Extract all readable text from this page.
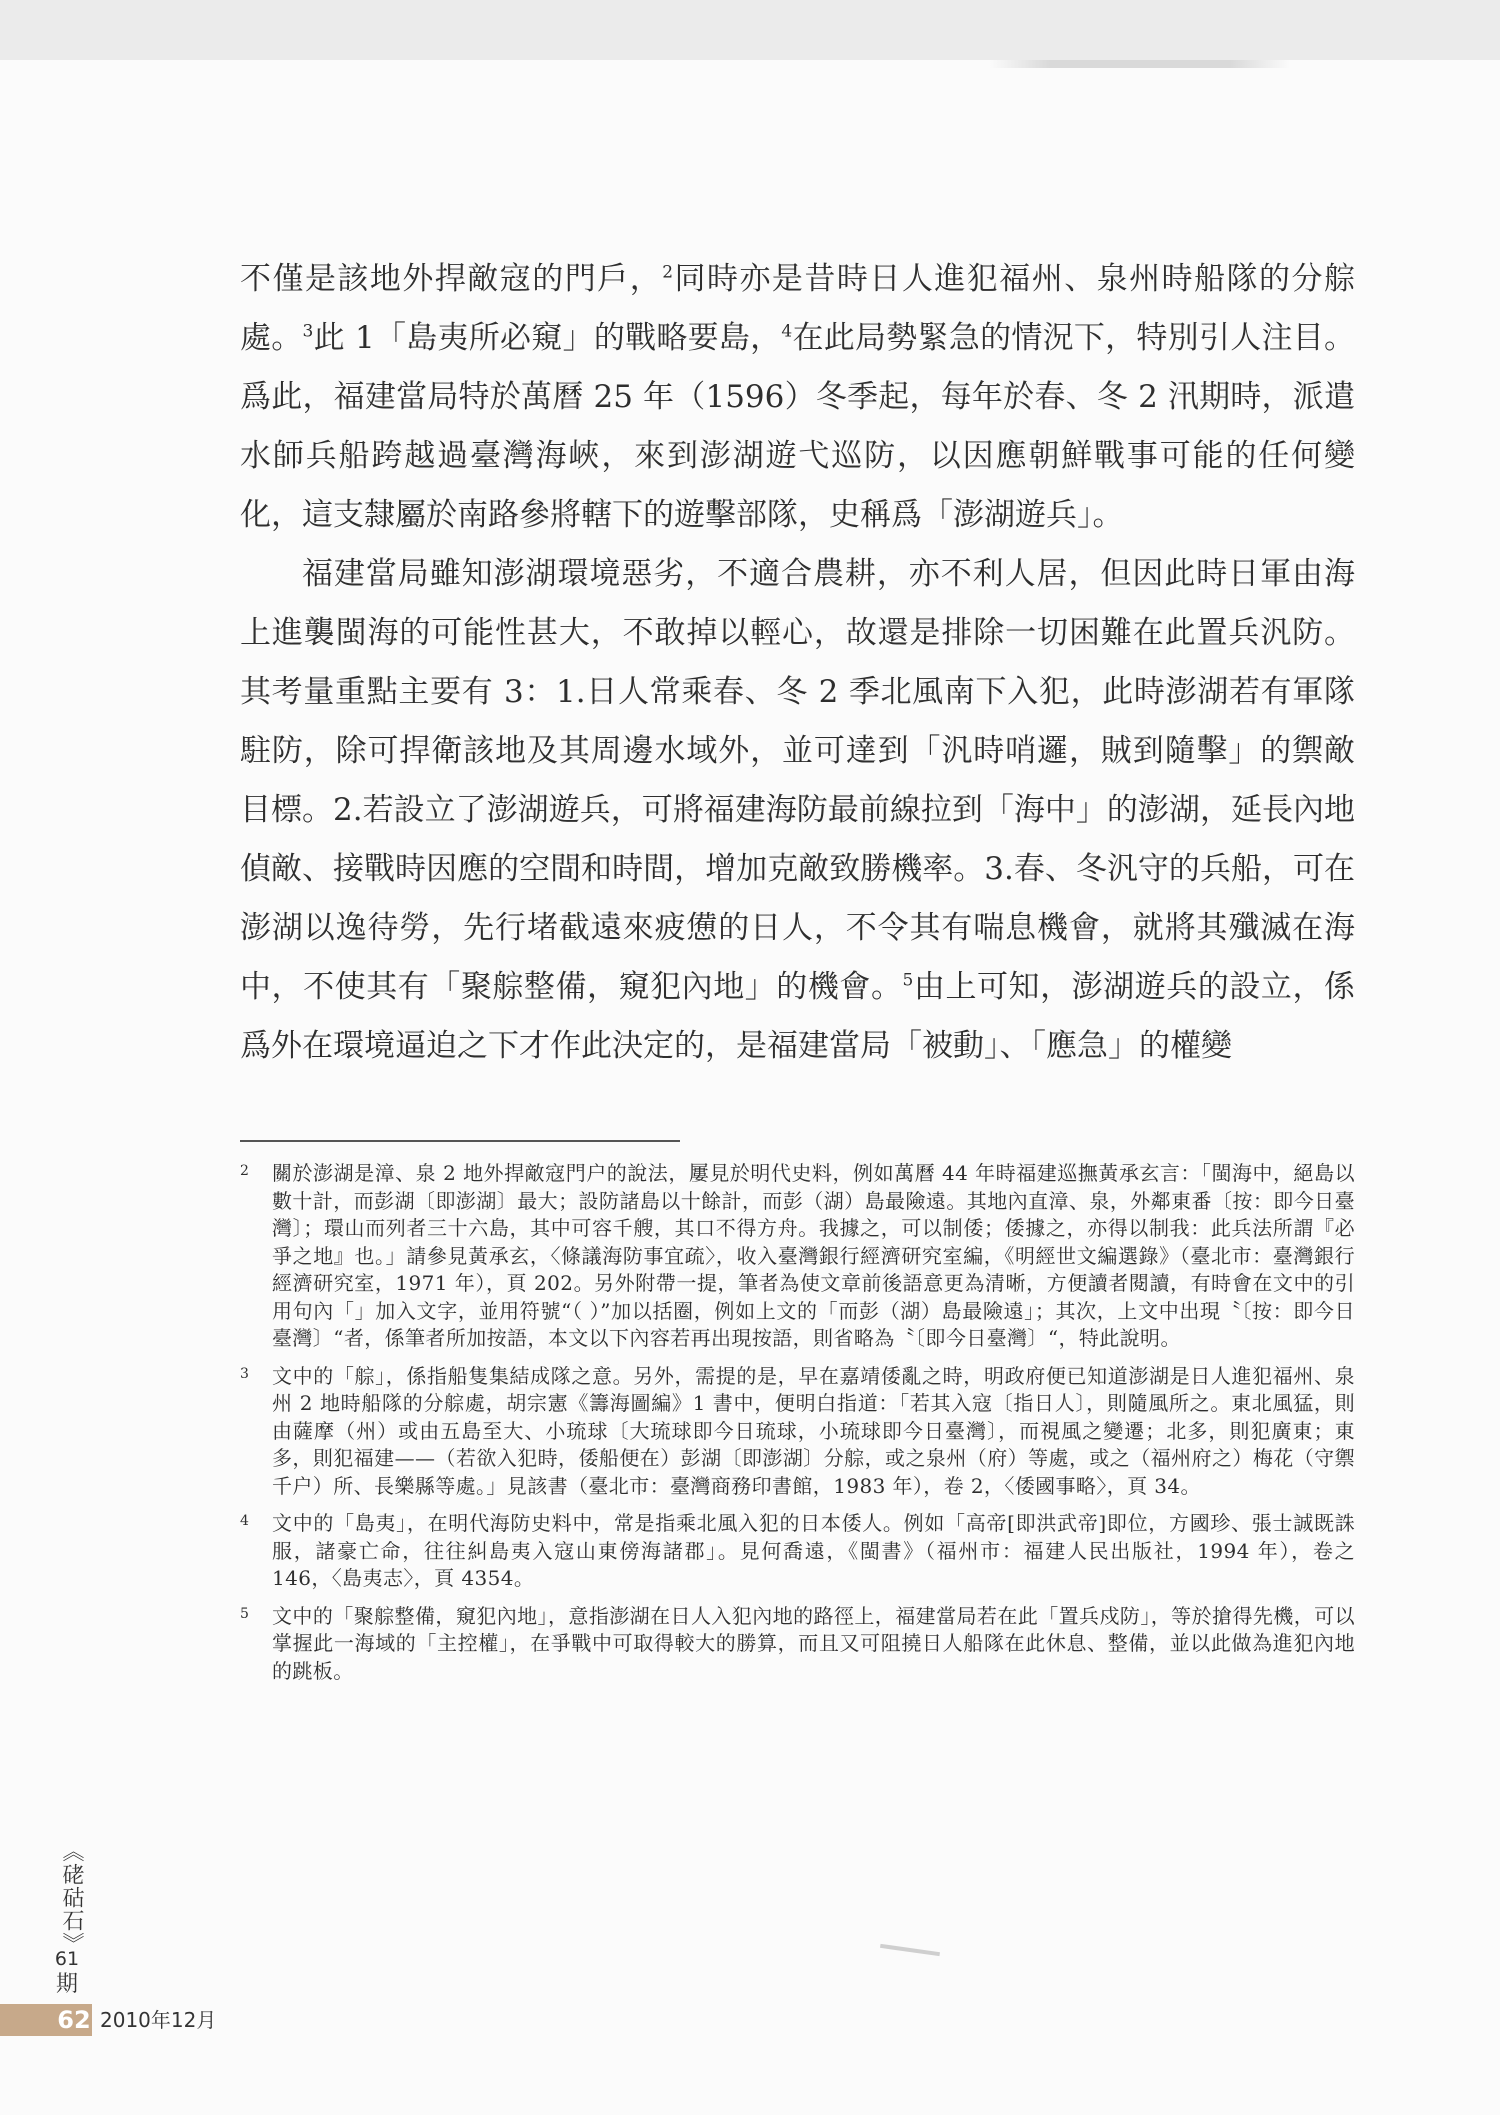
不僅是該地外捍敵寇的門戶，$^2$同時亦是昔時日人進犯福州、泉州時船隊的分䑸處。$^3$此 1「島夷所必窺」的戰略要島，$^4$在此局勢緊急的情況下，特別引人注目。爲此，福建當局特於萬曆 25 年（1596）冬季起，每年於春、冬 2 汛期時，派遣水師兵船跨越過臺灣海峽，來到澎湖遊弋巡防，以因應朝鮮戰事可能的任何變化，這支隸屬於南路參將轄下的遊擊部隊，史稱爲「澎湖遊兵」。

福建當局雖知澎湖環境惡劣，不適合農耕，亦不利人居，但因此時日軍由海上進襲閩海的可能性甚大，不敢掉以輕心，故還是排除一切困難在此置兵汎防。其考量重點主要有 3：1.日人常乘春、冬 2 季北風南下入犯，此時澎湖若有軍隊駐防，除可捍衛該地及其周邊水域外，並可達到「汎時哨邏，賊到隨擊」的禦敵目標。2.若設立了澎湖遊兵，可將福建海防最前線拉到「海中」的澎湖，延長內地偵敵、接戰時因應的空間和時間，增加克敵致勝機率。3.春、冬汎守的兵船，可在澎湖以逸待勞，先行堵截遠來疲憊的日人，不令其有喘息機會，就將其殲滅在海中，不使其有「聚䑸整備，窺犯內地」的機會。$^5$由上可知，澎湖遊兵的設立，係爲外在環境逼迫之下才作此決定的，是福建當局「被動」、「應急」的權變

2	關於澎湖是漳、泉 2 地外捍敵寇門户的說法，屢見於明代史料，例如萬曆 44 年時福建巡撫黃承玄言：「閩海中，絕島以數十計，而彭湖〔即澎湖〕最大；設防諸島以十餘計，而彭（湖）島最險遠。其地內直漳、泉，外鄰東番〔按：即今日臺灣〕；環山而列者三十六島，其中可容千艘，其口不得方舟。我據之，可以制倭；倭據之，亦得以制我：此兵法所謂『必爭之地』也。」請參見黃承玄，〈條議海防事宜疏〉，收入臺灣銀行經濟研究室編，《明經世文編選錄》（臺北市：臺灣銀行經濟研究室，1971 年），頁 202。另外附帶一提，筆者為使文章前後語意更為清晰，方便讀者閱讀，有時會在文中的引用句內「」加入文字，並用符號“（ ）”加以括圈，例如上文的「而彭（湖）島最險遠」；其次，上文中出現〝〔按：即今日臺灣〕“者，係筆者所加按語，本文以下內容若再出現按語，則省略為〝〔即今日臺灣〕“，特此說明。
3	文中的「䑸」，係指船隻集結成隊之意。另外，需提的是，早在嘉靖倭亂之時，明政府便已知道澎湖是日人進犯福州、泉州 2 地時船隊的分䑸處，胡宗憲《籌海圖編》1 書中，便明白指道：「若其入寇〔指日人〕，則隨風所之。東北風猛，則由薩摩（州）或由五島至大、小琉球〔大琉球即今日琉球，小琉球即今日臺灣〕，而視風之變遷；北多，則犯廣東；東多，則犯福建——（若欲入犯時，倭船便在）彭湖〔即澎湖〕分䑸，或之泉州（府）等處，或之（福州府之）梅花（守禦千户）所、長樂縣等處。」見該書（臺北市：臺灣商務印書館，1983 年），卷 2，〈倭國事略〉，頁 34。
4	文中的「島夷」，在明代海防史料中，常是指乘北風入犯的日本倭人。例如「高帝[即洪武帝]即位，方國珍、張士誠既誅服，諸豪亡命，往往糾島夷入寇山東傍海諸郡」。見何喬遠，《閩書》（福州市：福建人民出版社，1994 年），卷之 146，〈島夷志〉，頁 4354。
5	文中的「聚䑸整備，窺犯內地」，意指澎湖在日人入犯內地的路徑上，福建當局若在此「置兵戍防」，等於搶得先機，可以掌握此一海域的「主控權」，在爭戰中可取得較大的勝算，而且又可阻撓日人船隊在此休息、整備，並以此做為進犯內地的跳板。
《硓𥑮石》
61
期
62 2010年12月
